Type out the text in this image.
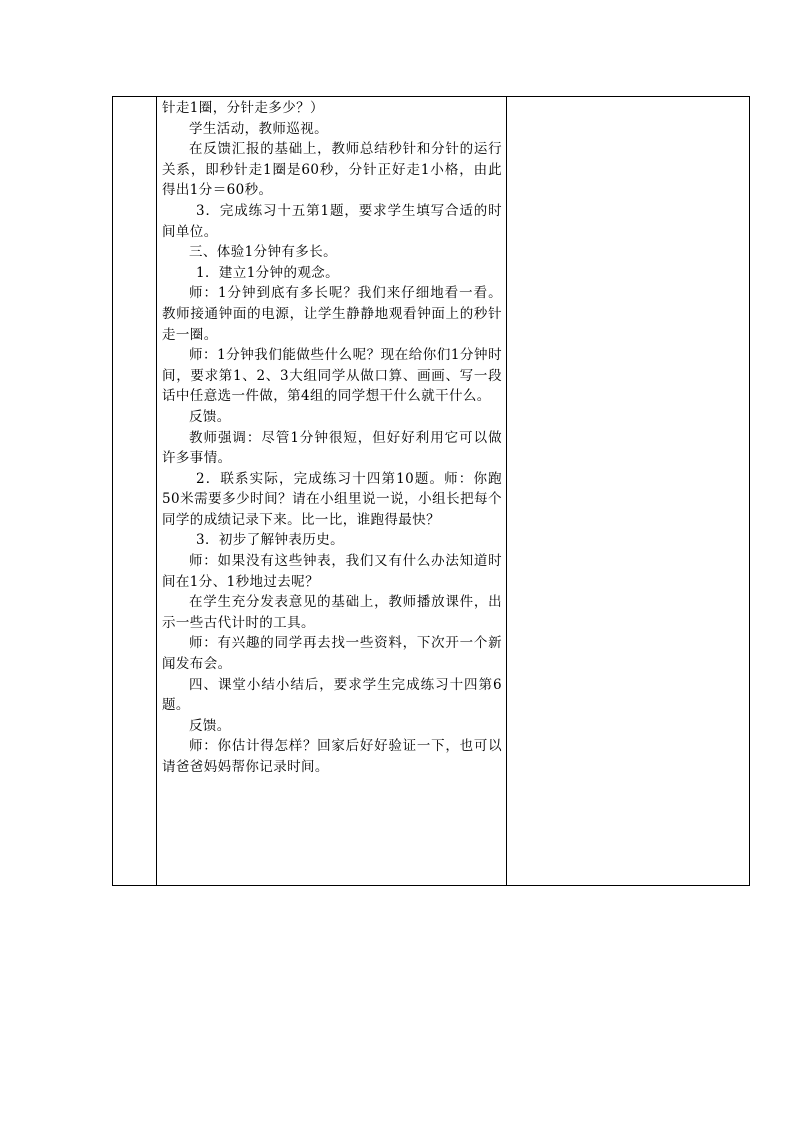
针走1圈，分针走多少？）

学生活动，教师巡视。

在反馈汇报的基础上，教师总结秒针和分针的运行关系，即秒针走1圈是60秒，分针正好走1小格，由此得出1分＝60秒。

3．完成练习十五第1题，要求学生填写合适的时间单位。

三、体验1分钟有多长。

1．建立1分钟的观念。

师：1分钟到底有多长呢？我们来仔细地看一看。教师接通钟面的电源，让学生静静地观看钟面上的秒针走一圈。

师：1分钟我们能做些什么呢？现在给你们1分钟时间，要求第1、2、3大组同学从做口算、画画、写一段话中任意选一件做，第4组的同学想干什么就干什么。

反馈。

教师强调：尽管1分钟很短，但好好利用它可以做许多事情。

2．联系实际，完成练习十四第10题。师：你跑50米需要多少时间？请在小组里说一说，小组长把每个同学的成绩记录下来。比一比，谁跑得最快？

3．初步了解钟表历史。

师：如果没有这些钟表，我们又有什么办法知道时间在1分、1秒地过去呢？

在学生充分发表意见的基础上，教师播放课件，出示一些古代计时的工具。

师：有兴趣的同学再去找一些资料，下次开一个新闻发布会。

四、课堂小结小结后，要求学生完成练习十四第6题。

反馈。

师：你估计得怎样？回家后好好验证一下，也可以请爸爸妈妈帮你记录时间。
